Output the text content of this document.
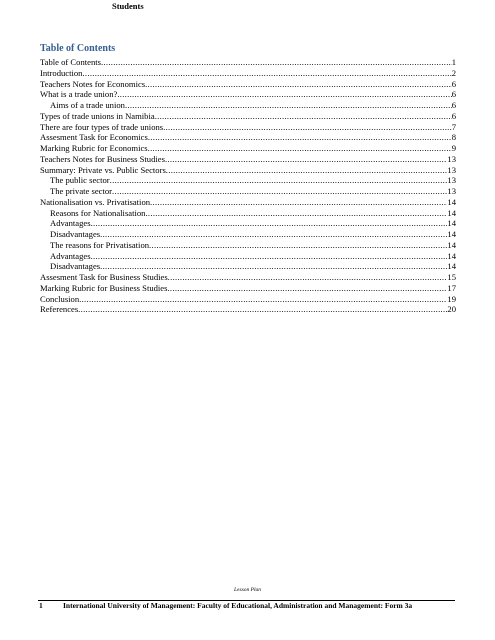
Students
Table of Contents
Table of Contents .....	1
Introduction .....	2
Teachers Notes for Economics .....	6
What is a trade union? .....	6
Aims of a trade union .....	6
Types of trade unions in Namibia .....	6
There are four types of trade unions .....	7
Assesment Task for Economics .....	8
Marking Rubric for Economics .....	9
Teachers Notes for Business Studies .....	13
Summary: Private vs. Public Sectors .....	13
The public sector .....	13
The private sector .....	13
Nationalisation vs. Privatisation .....	14
Reasons for Nationalisation .....	14
Advantages .....	14
Disadvantages .....	14
The reasons for Privatisation .....	14
Advantages .....	14
Disadvantages .....	14
Assesment Task for Business Studies .....	15
Marking Rubric for Business Studies .....	17
Conclusion .....	19
References .....	20
Lesson Plan
1	International University of Management: Faculty of Educational, Administration and Management: Form 3a
